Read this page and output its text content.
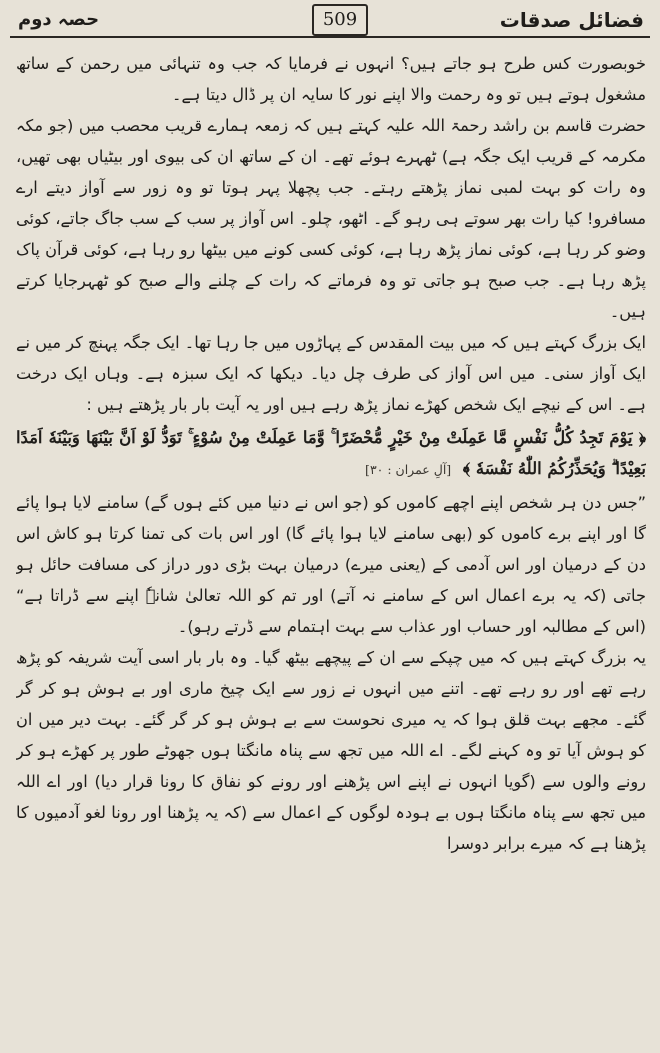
فضائل صدقات
509
حصہ دوم

خوبصورت کس طرح ہو جاتے ہیں؟ انہوں نے فرمایا کہ جب وہ تنہائی میں رحمن کے ساتھ مشغول ہوتے ہیں تو وہ رحمت والا اپنے نور کا سایہ ان پر ڈال دیتا ہے۔

حضرت قاسم بن راشد رحمۃ اللہ علیہ کہتے ہیں کہ زمعہ ہمارے قریب محصب میں (جو مکہ مکرمہ کے قریب ایک جگہ ہے) ٹھہرے ہوئے تھے۔ ان کے ساتھ ان کی بیوی اور بیٹیاں بھی تھیں، وہ رات کو بہت لمبی نماز پڑھتے رہتے۔ جب پچھلا پہر ہوتا تو وہ زور سے آواز دیتے ارے مسافرو! کیا رات بھر سوتے ہی رہو گے۔ اٹھو، چلو۔ اس آواز پر سب کے سب جاگ جاتے، کوئی وضو کر رہا ہے، کوئی نماز پڑھ رہا ہے، کوئی کسی کونے میں بیٹھا رو رہا ہے، کوئی قرآن پاک پڑھ رہا ہے۔ جب صبح ہو جاتی تو وہ فرماتے کہ رات کے چلنے والے صبح کو ٹھہرجایا کرتے ہیں۔

ایک بزرگ کہتے ہیں کہ میں بیت المقدس کے پہاڑوں میں جا رہا تھا۔ ایک جگہ پہنچ کر میں نے ایک آواز سنی۔ میں اس آواز کی طرف چل دیا۔ دیکھا کہ ایک سبزہ ہے۔ وہاں ایک درخت ہے۔ اس کے نیچے ایک شخص کھڑے نماز پڑھ رہے ہیں اور یہ آیت بار بار پڑھتے ہیں :

﴿ يَوْمَ تَجِدُ كُلُّ نَفْسٍ مَّا عَمِلَتْ مِنْ خَيْرٍ مُّحْضَرًا ۚ وَّمَا عَمِلَتْ مِنْ سُوْءٍ ۚ تَوَدُّ لَوْ اَنَّ بَيْنَهَا وَبَيْنَهٗ اَمَدًا بَعِيْدًا ۗ وَيُحَذِّرُكُمُ اللّٰهُ نَفْسَهٗ ﴾ [آلِ عمران : ٣٠]

”جس دن ہر شخص اپنے اچھے کاموں کو (جو اس نے دنیا میں کئے ہوں گے) سامنے لایا ہوا پائے گا اور اپنے برے کاموں کو (بھی سامنے لایا ہوا پائے گا) اور اس بات کی تمنا کرتا ہو کاش اس دن کے درمیان اور اس آدمی کے (یعنی میرے) درمیان بہت بڑی دور دراز کی مسافت حائل ہو جاتی (کہ یہ برے اعمال اس کے سامنے نہ آتے) اور تم کو اللہ تعالیٰ شانہٗ اپنے سے ڈراتا ہے“ (اس کے مطالبہ اور حساب اور عذاب سے بہت اہتمام سے ڈرتے رہو)۔

یہ بزرگ کہتے ہیں کہ میں چپکے سے ان کے پیچھے بیٹھ گیا۔ وہ بار بار اسی آیت شریفہ کو پڑھ رہے تھے اور رو رہے تھے۔ اتنے میں انہوں نے زور سے ایک چیخ ماری اور بے ہوش ہو کر گر گئے۔ مجھے بہت قلق ہوا کہ یہ میری نحوست سے بے ہوش ہو کر گر گئے۔ بہت دیر میں ان کو ہوش آیا تو وہ کہنے لگے۔ اے اللہ میں تجھ سے پناہ مانگتا ہوں جھوٹے طور پر کھڑے ہو کر رونے والوں سے (گویا انہوں نے اپنے اس پڑھنے اور رونے کو نفاق کا رونا قرار دیا) اور اے اللہ میں تجھ سے پناہ مانگتا ہوں بے ہودہ لوگوں کے اعمال سے (کہ یہ پڑھنا اور رونا لغو آدمیوں کا پڑھنا ہے کہ میرے برابر دوسرا
